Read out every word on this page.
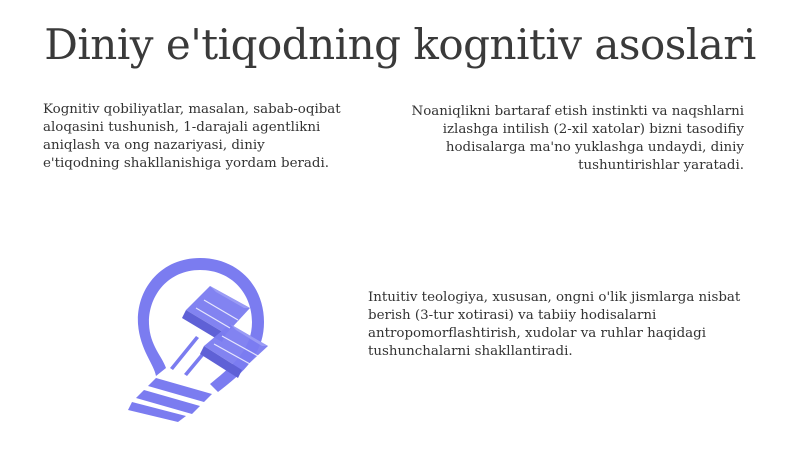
Diniy e'tiqodning kognitiv asoslari

Kognitiv qobiliyatlar, masalan, sabab-oqibat aloqasini tushunish, 1-darajali agentlikni aniqlash va ong nazariyasi, diniy e'tiqodning shakllanishiga yordam beradi.

Noaniqlikni bartaraf etish instinkti va naqshlarni izlashga intilish (2-xil xatolar) bizni tasodifiy hodisalarga ma'no yuklashga undaydi, diniy tushuntirishlar yaratadi.

Intuitiv teologiya, xususan, ongni o'lik jismlarga nisbat berish (3-tur xotirasi) va tabiiy hodisalarni antropomorflashtirish, xudolar va ruhlar haqidagi tushunchalarni shakllantiradi.
